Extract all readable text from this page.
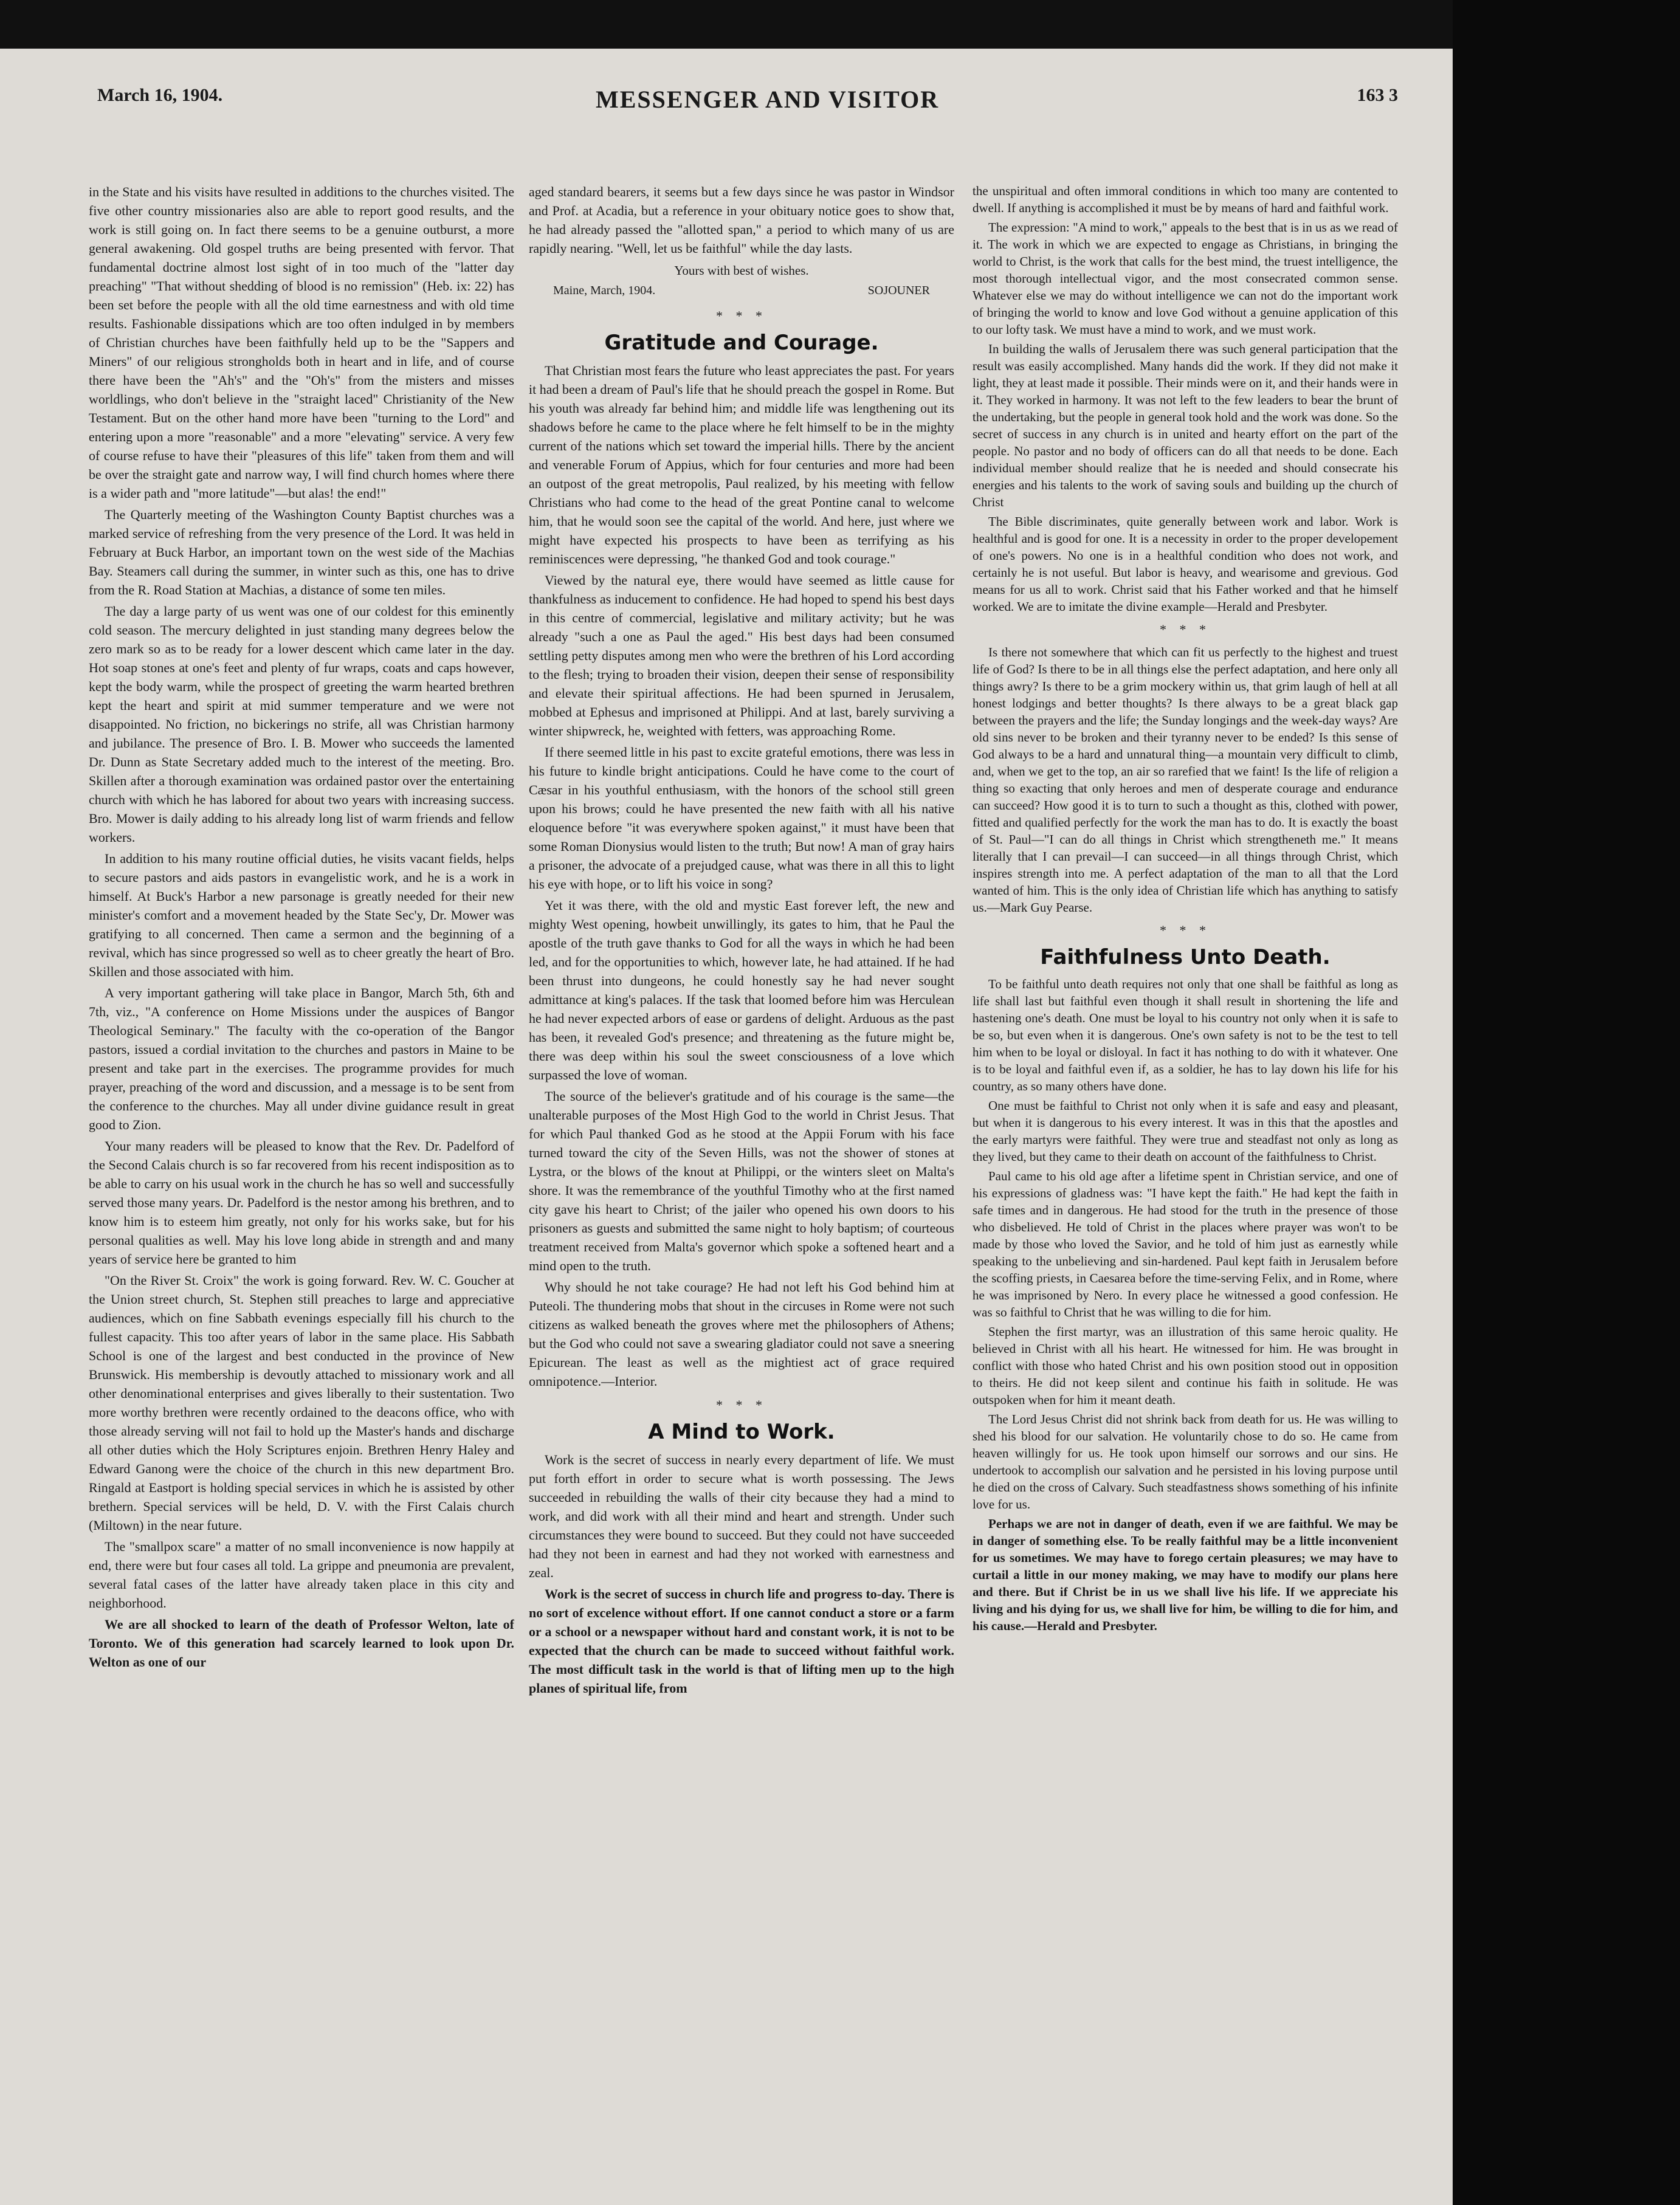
March 16, 1904.	MESSENGER AND VISITOR	163 3

in the State and his visits have resulted in additions to the churches visited. The five other country missionaries also are able to report good results, and the work is still going on. In fact there seems to be a genuine outburst, a more general awakening. Old gospel truths are being presented with fervor. That fundamental doctrine almost lost sight of in too much of the "latter day preaching" "That without shedding of blood is no remission" (Heb. ix: 22) has been set before the people with all the old time earnestness and with old time results. Fashionable dissipations which are too often indulged in by members of Christian churches have been faithfully held up to be the "Sappers and Miners" of our religious strongholds both in heart and in life, and of course there have been the "Ah's" and the "Oh's" from the misters and misses worldlings, who don't believe in the "straight laced" Christianity of the New Testament. But on the other hand more have been "turning to the Lord" and entering upon a more "reasonable" and a more "elevating" service. A very few of course refuse to have their "pleasures of this life" taken from them and will be over the straight gate and narrow way, I will find church homes where there is a wider path and "more latitude"—but alas! the end!"

The Quarterly meeting of the Washington County Baptist churches was a marked service of refreshing from the very presence of the Lord. It was held in February at Buck Harbor, an important town on the west side of the Machias Bay. Steamers call during the summer, in winter such as this, one has to drive from the R. Road Station at Machias, a distance of some ten miles.

The day a large party of us went was one of our coldest for this eminently cold season. The mercury delighted in just standing many degrees below the zero mark so as to be ready for a lower descent which came later in the day. Hot soap stones at one's feet and plenty of fur wraps, coats and caps however, kept the body warm, while the prospect of greeting the warm hearted brethren kept the heart and spirit at mid summer temperature and we were not disappointed. No friction, no bickerings no strife, all was Christian harmony and jubilance. The presence of Bro. I. B. Mower who succeeds the lamented Dr. Dunn as State Secretary added much to the interest of the meeting. Bro. Skillen after a thorough examination was ordained pastor over the entertaining church with which he has labored for about two years with increasing success. Bro. Mower is daily adding to his already long list of warm friends and fellow workers.

In addition to his many routine official duties, he visits vacant fields, helps to secure pastors and aids pastors in evangelistic work, and he is a work in himself. At Buck's Harbor a new parsonage is greatly needed for their new minister's comfort and a movement headed by the State Sec'y, Dr. Mower was gratifying to all concerned. Then came a sermon and the beginning of a revival, which has since progressed so well as to cheer greatly the heart of Bro. Skillen and those associated with him.

A very important gathering will take place in Bangor, March 5th, 6th and 7th, viz., "A conference on Home Missions under the auspices of Bangor Theological Seminary." The faculty with the co-operation of the Bangor pastors, issued a cordial invitation to the churches and pastors in Maine to be present and take part in the exercises. The programme provides for much prayer, preaching of the word and discussion, and a message is to be sent from the conference to the churches. May all under divine guidance result in great good to Zion.

Your many readers will be pleased to know that the Rev. Dr. Padelford of the Second Calais church is so far recovered from his recent indisposition as to be able to carry on his usual work in the church he has so well and successfully served those many years. Dr. Padelford is the nestor among his brethren, and to know him is to esteem him greatly, not only for his works sake, but for his personal qualities as well. May his love long abide in strength and and many years of service here be granted to him

"On the River St. Croix" the work is going forward. Rev. W. C. Goucher at the Union street church, St. Stephen still preaches to large and appreciative audiences, which on fine Sabbath evenings especially fill his church to the fullest capacity. This too after years of labor in the same place. His Sabbath School is one of the largest and best conducted in the province of New Brunswick. His membership is devoutly attached to missionary work and all other denominational enterprises and gives liberally to their sustentation. Two more worthy brethren were recently ordained to the deacons office, who with those already serving will not fail to hold up the Master's hands and discharge all other duties which the Holy Scriptures enjoin. Brethren Henry Haley and Edward Ganong were the choice of the church in this new department Bro. Ringald at Eastport is holding special services in which he is assisted by other brethern. Special services will be held, D. V. with the First Calais church (Miltown) in the near future.

The "smallpox scare" a matter of no small inconvenience is now happily at end, there were but four cases all told. La grippe and pneumonia are prevalent, several fatal cases of the latter have already taken place in this city and neighborhood.

We are all shocked to learn of the death of Professor Welton, late of Toronto. We of this generation had scarcely learned to look upon Dr. Welton as one of our

aged standard bearers, it seems but a few days since he was pastor in Windsor and Prof. at Acadia, but a reference in your obituary notice goes to show that, he had already passed the "allotted span," a period to which many of us are rapidly nearing. "Well, let us be faithful" while the day lasts.

Yours with best of wishes.
Maine, March, 1904.	SOJOUNER
* * *
Gratitude and Courage.

That Christian most fears the future who least appreciates the past. For years it had been a dream of Paul's life that he should preach the gospel in Rome. But his youth was already far behind him; and middle life was lengthening out its shadows before he came to the place where he felt himself to be in the mighty current of the nations which set toward the imperial hills. There by the ancient and venerable Forum of Appius, which for four centuries and more had been an outpost of the great metropolis, Paul realized, by his meeting with fellow Christians who had come to the head of the great Pontine canal to welcome him, that he would soon see the capital of the world. And here, just where we might have expected his prospects to have been as terrifying as his reminiscences were depressing, "he thanked God and took courage."

Viewed by the natural eye, there would have seemed as little cause for thankfulness as inducement to confidence. He had hoped to spend his best days in this centre of commercial, legislative and military activity; but he was already "such a one as Paul the aged." His best days had been consumed settling petty disputes among men who were the brethren of his Lord according to the flesh; trying to broaden their vision, deepen their sense of responsibility and elevate their spiritual affections. He had been spurned in Jerusalem, mobbed at Ephesus and imprisoned at Philippi. And at last, barely surviving a winter shipwreck, he, weighted with fetters, was approaching Rome.

If there seemed little in his past to excite grateful emotions, there was less in his future to kindle bright anticipations. Could he have come to the court of Cæsar in his youthful enthusiasm, with the honors of the school still green upon his brows; could he have presented the new faith with all his native eloquence before "it was everywhere spoken against," it must have been that some Roman Dionysius would listen to the truth; But now! A man of gray hairs a prisoner, the advocate of a prejudged cause, what was there in all this to light his eye with hope, or to lift his voice in song?

Yet it was there, with the old and mystic East forever left, the new and mighty West opening, howbeit unwillingly, its gates to him, that he Paul the apostle of the truth gave thanks to God for all the ways in which he had been led, and for the opportunities to which, however late, he had attained. If he had been thrust into dungeons, he could honestly say he had never sought admittance at king's palaces. If the task that loomed before him was Herculean he had never expected arbors of ease or gardens of delight. Arduous as the past has been, it revealed God's presence; and threatening as the future might be, there was deep within his soul the sweet consciousness of a love which surpassed the love of woman.

The source of the believer's gratitude and of his courage is the same—the unalterable purposes of the Most High God to the world in Christ Jesus. That for which Paul thanked God as he stood at the Appii Forum with his face turned toward the city of the Seven Hills, was not the shower of stones at Lystra, or the blows of the knout at Philippi, or the winters sleet on Malta's shore. It was the remembrance of the youthful Timothy who at the first named city gave his heart to Christ; of the jailer who opened his own doors to his prisoners as guests and submitted the same night to holy baptism; of courteous treatment received from Malta's governor which spoke a softened heart and a mind open to the truth.

Why should he not take courage? He had not left his God behind him at Puteoli. The thundering mobs that shout in the circuses in Rome were not such citizens as walked beneath the groves where met the philosophers of Athens; but the God who could not save a swearing gladiator could not save a sneering Epicurean. The least as well as the mightiest act of grace required omnipotence.—Interior.

* * *
A Mind to Work.

Work is the secret of success in nearly every department of life. We must put forth effort in order to secure what is worth possessing. The Jews succeeded in rebuilding the walls of their city because they had a mind to work, and did work with all their mind and heart and strength. Under such circumstances they were bound to succeed. But they could not have succeeded had they not been in earnest and had they not worked with earnestness and zeal.

Work is the secret of success in church life and progress to-day. There is no sort of excelence without effort. If one cannot conduct a store or a farm or a school or a newspaper without hard and constant work, it is not to be expected that the church can be made to succeed without faithful work. The most difficult task in the world is that of lifting men up to the high planes of spiritual life, from

the unspiritual and often immoral conditions in which too many are contented to dwell. If anything is accomplished it must be by means of hard and faithful work.

The expression: "A mind to work," appeals to the best that is in us as we read of it. The work in which we are expected to engage as Christians, in bringing the world to Christ, is the work that calls for the best mind, the truest intelligence, the most thorough intellectual vigor, and the most consecrated common sense. Whatever else we may do without intelligence we can not do the important work of bringing the world to know and love God without a genuine application of this to our lofty task. We must have a mind to work, and we must work.

In building the walls of Jerusalem there was such general participation that the result was easily accomplished. Many hands did the work. If they did not make it light, they at least made it possible. Their minds were on it, and their hands were in it. They worked in harmony. It was not left to the few leaders to bear the brunt of the undertaking, but the people in general took hold and the work was done. So the secret of success in any church is in united and hearty effort on the part of the people. No pastor and no body of officers can do all that needs to be done. Each individual member should realize that he is needed and should consecrate his energies and his talents to the work of saving souls and building up the church of Christ

The Bible discriminates, quite generally between work and labor. Work is healthful and is good for one. It is a necessity in order to the proper developement of one's powers. No one is in a healthful condition who does not work, and certainly he is not useful. But labor is heavy, and wearisome and grevious. God means for us all to work. Christ said that his Father worked and that he himself worked. We are to imitate the divine example—Herald and Presbyter.

* * *

Is there not somewhere that which can fit us perfectly to the highest and truest life of God? Is there to be in all things else the perfect adaptation, and here only all things awry? Is there to be a grim mockery within us, that grim laugh of hell at all honest lodgings and better thoughts? Is there always to be a great black gap between the prayers and the life; the Sunday longings and the week-day ways? Are old sins never to be broken and their tyranny never to be ended? Is this sense of God always to be a hard and unnatural thing—a mountain very difficult to climb, and, when we get to the top, an air so rarefied that we faint! Is the life of religion a thing so exacting that only heroes and men of desperate courage and endurance can succeed? How good it is to turn to such a thought as this, clothed with power, fitted and qualified perfectly for the work the man has to do. It is exactly the boast of St. Paul—"I can do all things in Christ which strengtheneth me." It means literally that I can prevail—I can succeed—in all things through Christ, which inspires strength into me. A perfect adaptation of the man to all that the Lord wanted of him. This is the only idea of Christian life which has anything to satisfy us.—Mark Guy Pearse.

* * *
Faithfulness Unto Death.

To be faithful unto death requires not only that one shall be faithful as long as life shall last but faithful even though it shall result in shortening the life and hastening one's death. One must be loyal to his country not only when it is safe to be so, but even when it is dangerous. One's own safety is not to be the test to tell him when to be loyal or disloyal. In fact it has nothing to do with it whatever. One is to be loyal and faithful even if, as a soldier, he has to lay down his life for his country, as so many others have done.

One must be faithful to Christ not only when it is safe and easy and pleasant, but when it is dangerous to his every interest. It was in this that the apostles and the early martyrs were faithful. They were true and steadfast not only as long as they lived, but they came to their death on account of the faithfulness to Christ.

Paul came to his old age after a lifetime spent in Christian service, and one of his expressions of gladness was: "I have kept the faith." He had kept the faith in safe times and in dangerous. He had stood for the truth in the presence of those who disbelieved. He told of Christ in the places where prayer was won't to be made by those who loved the Savior, and he told of him just as earnestly while speaking to the unbelieving and sin-hardened. Paul kept faith in Jerusalem before the scoffing priests, in Caesarea before the time-serving Felix, and in Rome, where he was imprisoned by Nero. In every place he witnessed a good confession. He was so faithful to Christ that he was willing to die for him.

Stephen the first martyr, was an illustration of this same heroic quality. He believed in Christ with all his heart. He witnessed for him. He was brought in conflict with those who hated Christ and his own position stood out in opposition to theirs. He did not keep silent and continue his faith in solitude. He was outspoken when for him it meant death.

The Lord Jesus Christ did not shrink back from death for us. He was willing to shed his blood for our salvation. He voluntarily chose to do so. He came from heaven willingly for us. He took upon himself our sorrows and our sins. He undertook to accomplish our salvation and he persisted in his loving purpose until he died on the cross of Calvary. Such steadfastness shows something of his infinite love for us.

Perhaps we are not in danger of death, even if we are faithful. We may be in danger of something else. To be really faithful may be a little inconvenient for us sometimes. We may have to forego certain pleasures; we may have to curtail a little in our money making, we may have to modify our plans here and there. But if Christ be in us we shall live his life. If we appreciate his living and his dying for us, we shall live for him, be willing to die for him, and his cause.—Herald and Presbyter.
